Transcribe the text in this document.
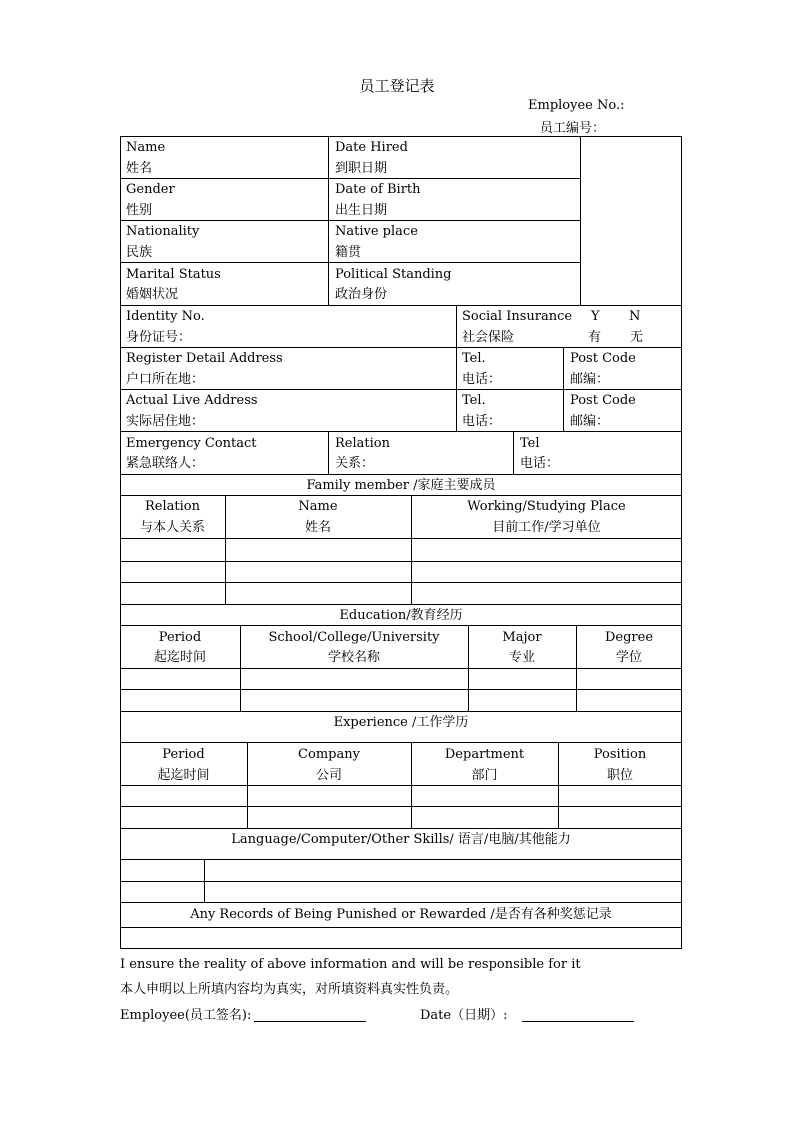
员工登记表
Employee No.:
员工编号：
Name
姓名
Date Hired
到职日期
Gender
性别
Date of Birth
出生日期
Nationality
民族
Native place
籍贯
Marital Status
婚姻状况
Political Standing
政治身份
Identity No.
身份证号：
Social Insurance Y N
社会保险	有 无
Register Detail Address
户口所在地：
Tel.
电话：
Post Code
邮编：
Actual Live Address
实际居住地：
Tel.
电话：
Post Code
邮编：
Emergency Contact
紧急联络人：
Relation
关系：
Tel
电话：
Family member /家庭主要成员
Relation
与本人关系
Name
姓名
Working/Studying Place
目前工作/学习单位
Education/教育经历
Period
起迄时间
School/College/University
学校名称
Major
专业
Degree
学位
Experience /工作学历
Period
起迄时间
Company
公司
Department
部门
Position
职位
Language/Computer/Other Skills/ 语言/电脑/其他能力
Any Records of Being Punished or Rewarded /是否有各种奖惩记录
I ensure the reality of above information and will be responsible for it
本人申明以上所填内容均为真实，对所填资料真实性负责。
Employee(员工签名):	Date（日期）:
